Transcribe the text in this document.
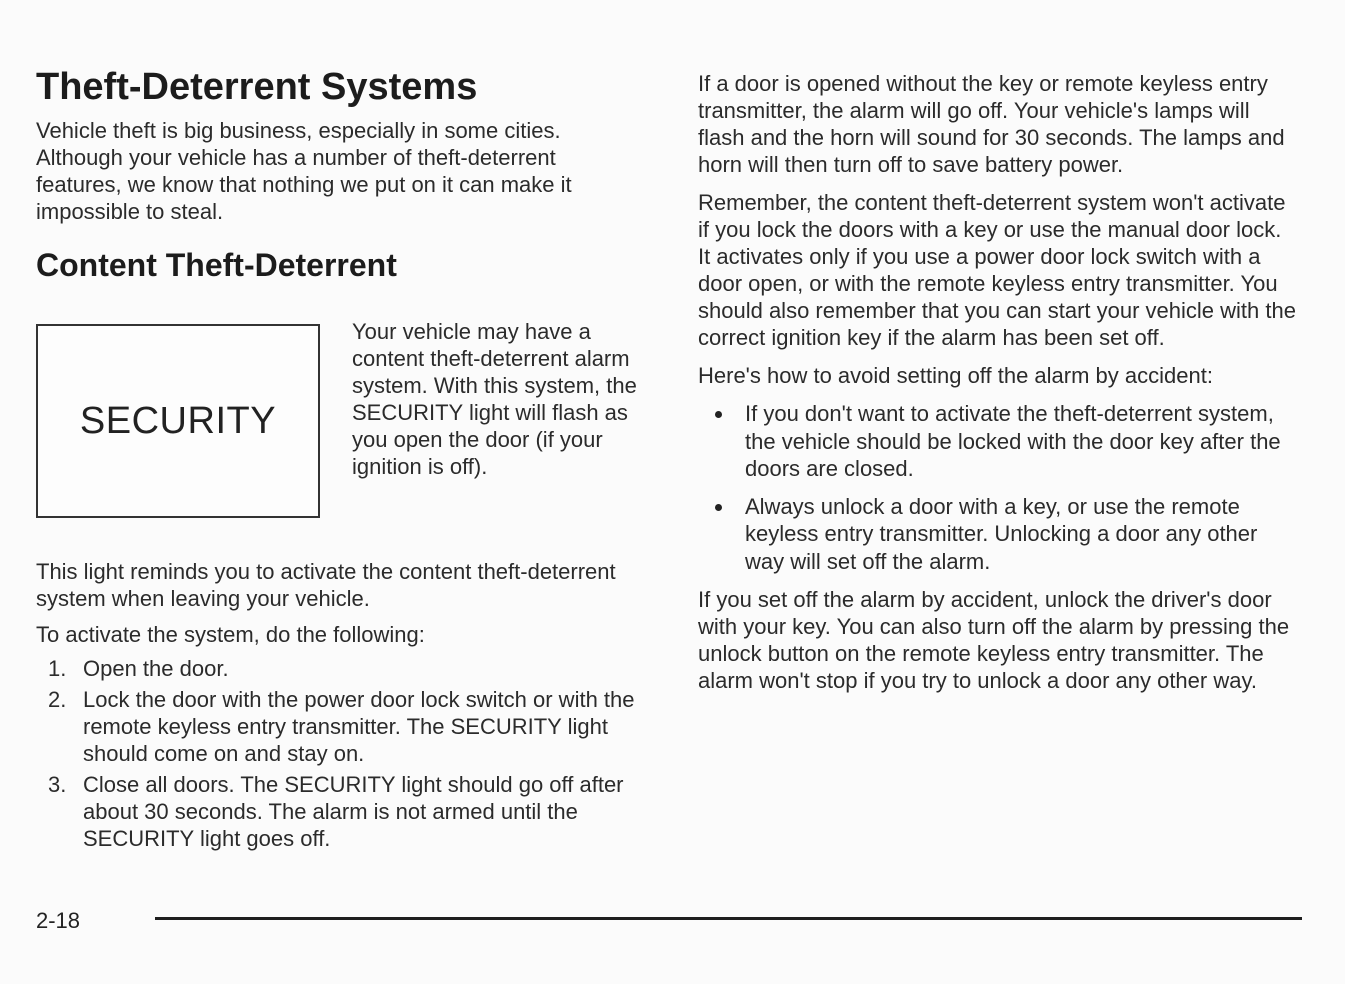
Theft-Deterrent Systems

Vehicle theft is big business, especially in some cities. Although your vehicle has a number of theft-deterrent features, we know that nothing we put on it can make it impossible to steal.

Content Theft-Deterrent
SECURITY

Your vehicle may have a content theft-deterrent alarm system. With this system, the SECURITY light will flash as you open the door (if your ignition is off).

This light reminds you to activate the content theft-deterrent system when leaving your vehicle.

To activate the system, do the following:

1. Open the door.
2. Lock the door with the power door lock switch or with the remote keyless entry transmitter. The SECURITY light should come on and stay on.
3. Close all doors. The SECURITY light should go off after about 30 seconds. The alarm is not armed until the SECURITY light goes off.

If a door is opened without the key or remote keyless entry transmitter, the alarm will go off. Your vehicle's lamps will flash and the horn will sound for 30 seconds. The lamps and horn will then turn off to save battery power.

Remember, the content theft-deterrent system won't activate if you lock the doors with a key or use the manual door lock. It activates only if you use a power door lock switch with a door open, or with the remote keyless entry transmitter. You should also remember that you can start your vehicle with the correct ignition key if the alarm has been set off.

Here's how to avoid setting off the alarm by accident:

If you don't want to activate the theft-deterrent system, the vehicle should be locked with the door key after the doors are closed.
Always unlock a door with a key, or use the remote keyless entry transmitter. Unlocking a door any other way will set off the alarm.

If you set off the alarm by accident, unlock the driver's door with your key. You can also turn off the alarm by pressing the unlock button on the remote keyless entry transmitter. The alarm won't stop if you try to unlock a door any other way.

2-18
